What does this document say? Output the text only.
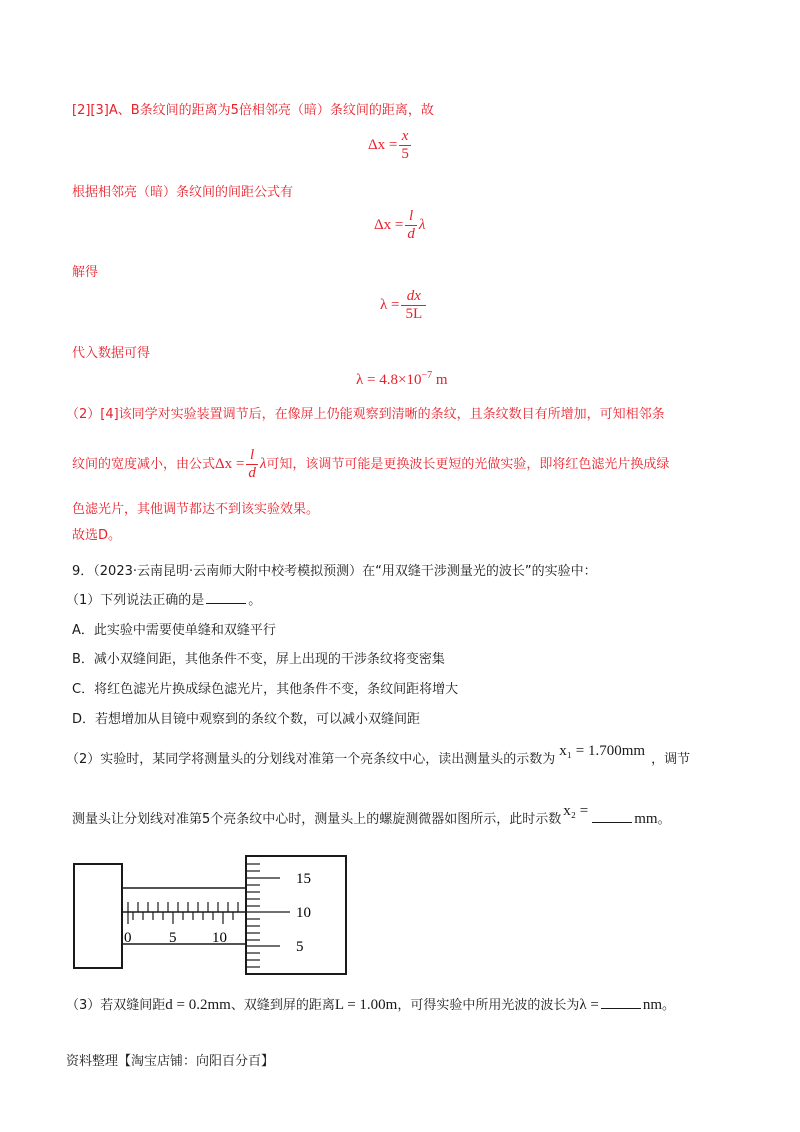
[2][3]A、B条纹间的距离为5倍相邻亮（暗）条纹间的距离，故
$\Delta x = \frac{x}{5}$
根据相邻亮（暗）条纹间的间距公式有
$\Delta x = \frac{l}{d}$ λ
解得
$\lambda = \frac{dx}{5L}$
代入数据可得
$\lambda = 4.8\times 10^{-7}$ m
（2）[4]该同学对实验装置调节后，在像屏上仍能观察到清晰的条纹，且条纹数目有所增加，可知相邻条
纹间的宽度减小，由公式$\Delta x = \frac{l}{d}$ λ可知，该调节可能是更换波长更短的光做实验，即将红色滤光片换成绿
色滤光片，其他调节都达不到该实验效果。
故选D。
9．（2023·云南昆明·云南师大附中校考模拟预测）在“用双缝干涉测量光的波长”的实验中：
（1）下列说法正确的是	。
A．此实验中需要使单缝和双缝平行
B．减小双缝间距，其他条件不变，屏上出现的干涉条纹将变密集
C．将红色滤光片换成绿色滤光片，其他条件不变，条纹间距将增大
D．若想增加从目镜中观察到的条纹个数，可以减小双缝间距
（2）实验时，某同学将测量头的分划线对准第一个亮条纹中心，读出测量头的示数为x₁ = 1.700mm，调节
测量头让分划线对准第5个亮条纹中心时，测量头上的螺旋测微器如图所示，此时示数x₂ =	mm。
0	5 10
15
10
5
（3）若双缝间距d = 0.2mm、双缝到屏的距离L = 1.00m，可得实验中所用光波的波长为λ =	nm。
资料整理【淘宝店铺：向阳百分百】
